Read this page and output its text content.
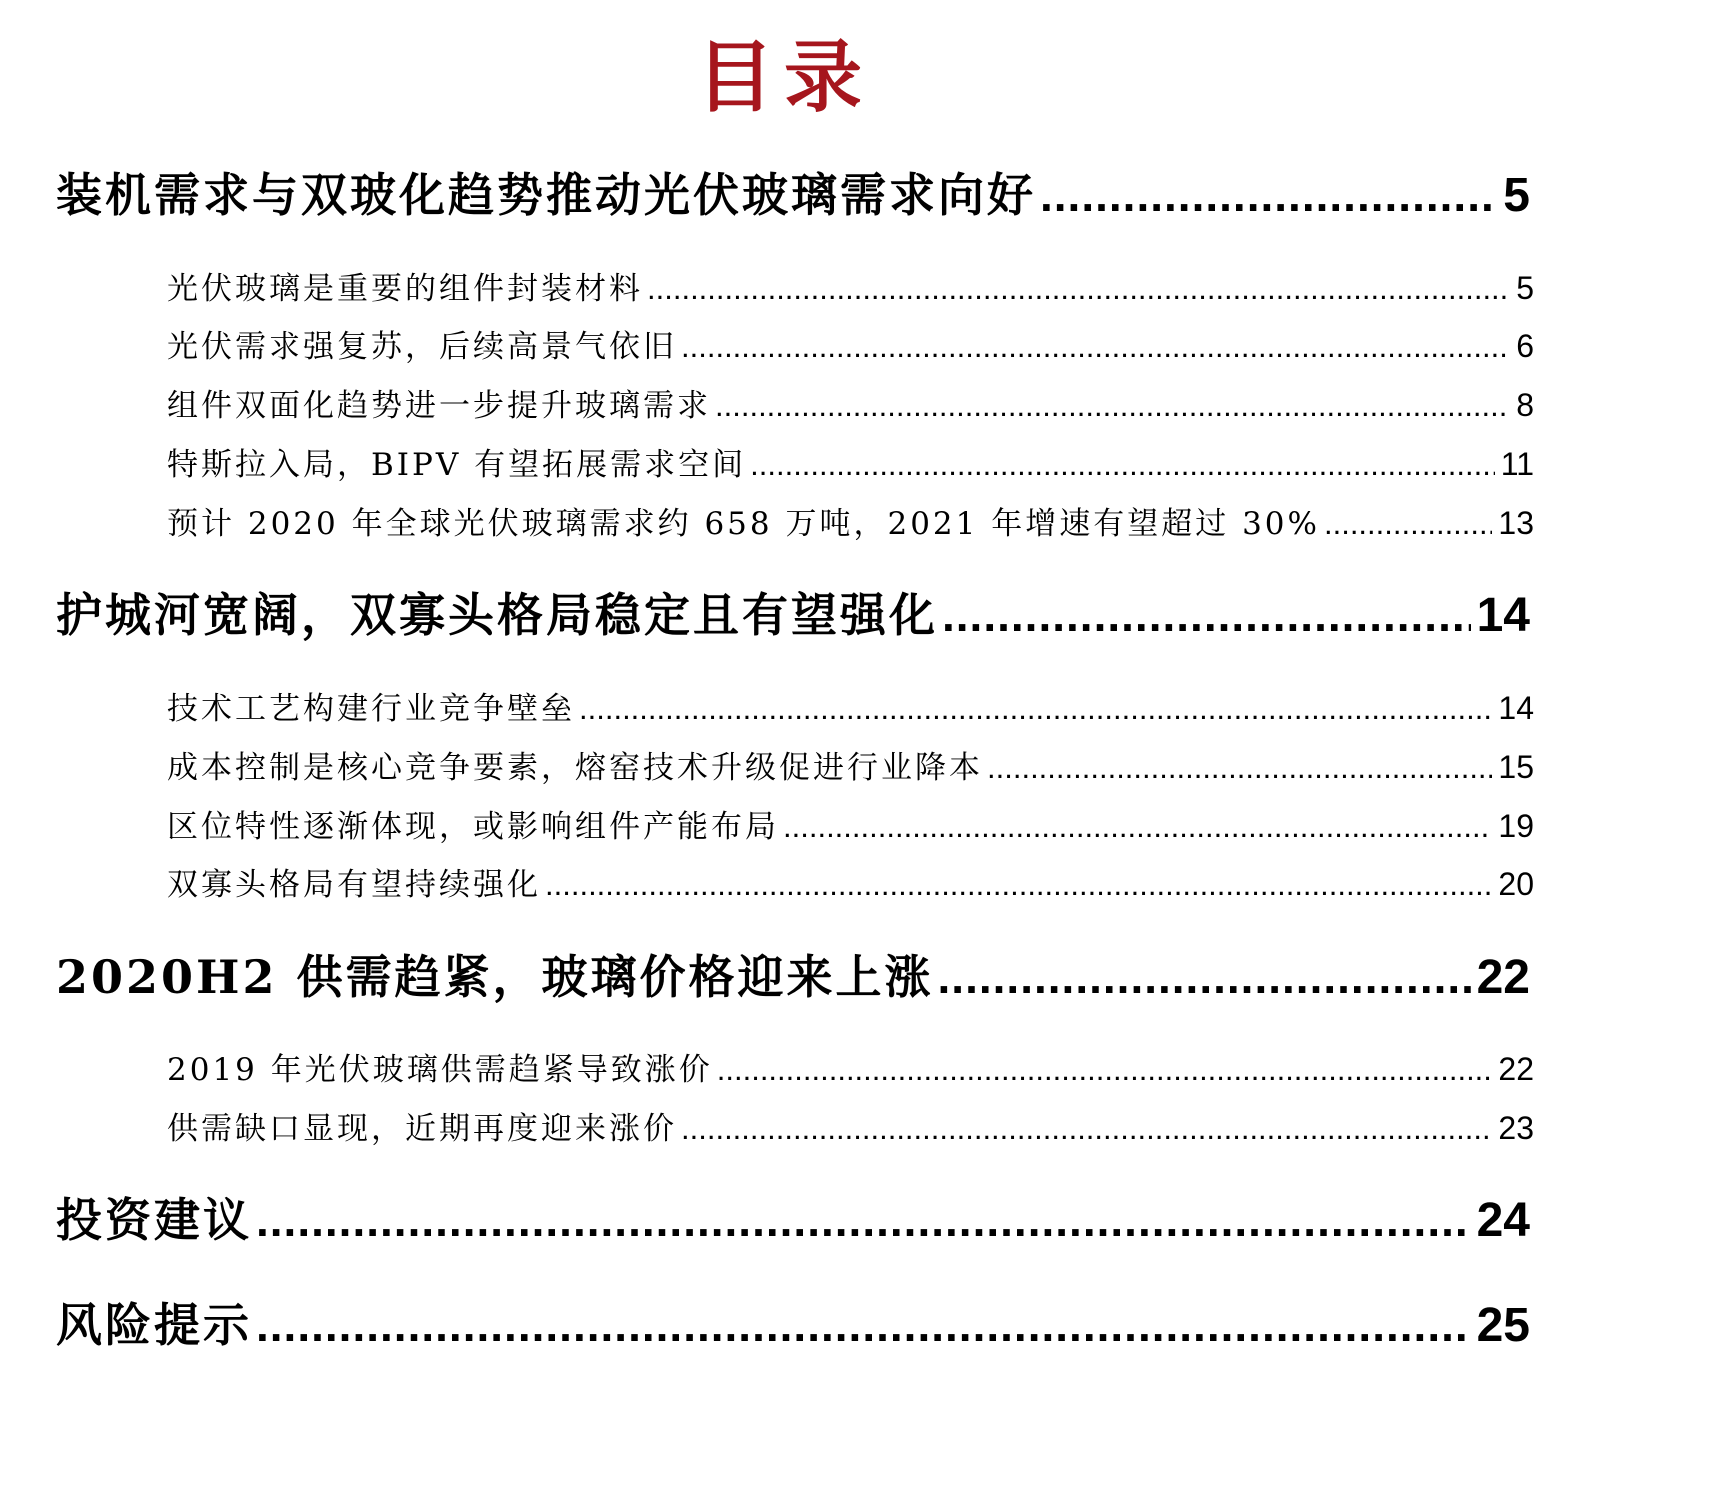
目录
装机需求与双玻化趋势推动光伏玻璃需求向好 .....	5
光伏玻璃是重要的组件封装材料 .....	5
光伏需求强复苏，后续高景气依旧 .....	6
组件双面化趋势进一步提升玻璃需求 .....	8
特斯拉入局，BIPV 有望拓展需求空间 .....	11
预计 2020 年全球光伏玻璃需求约 658 万吨，2021 年增速有望超过 30% .....	13
护城河宽阔，双寡头格局稳定且有望强化 .....	14
技术工艺构建行业竞争壁垒 .....	14
成本控制是核心竞争要素，熔窑技术升级促进行业降本 .....	15
区位特性逐渐体现，或影响组件产能布局 .....	19
双寡头格局有望持续强化 .....	20
2020H2 供需趋紧，玻璃价格迎来上涨 .....	22
2019 年光伏玻璃供需趋紧导致涨价 .....	22
供需缺口显现，近期再度迎来涨价 .....	23
投资建议 .....	24
风险提示 .....	25
